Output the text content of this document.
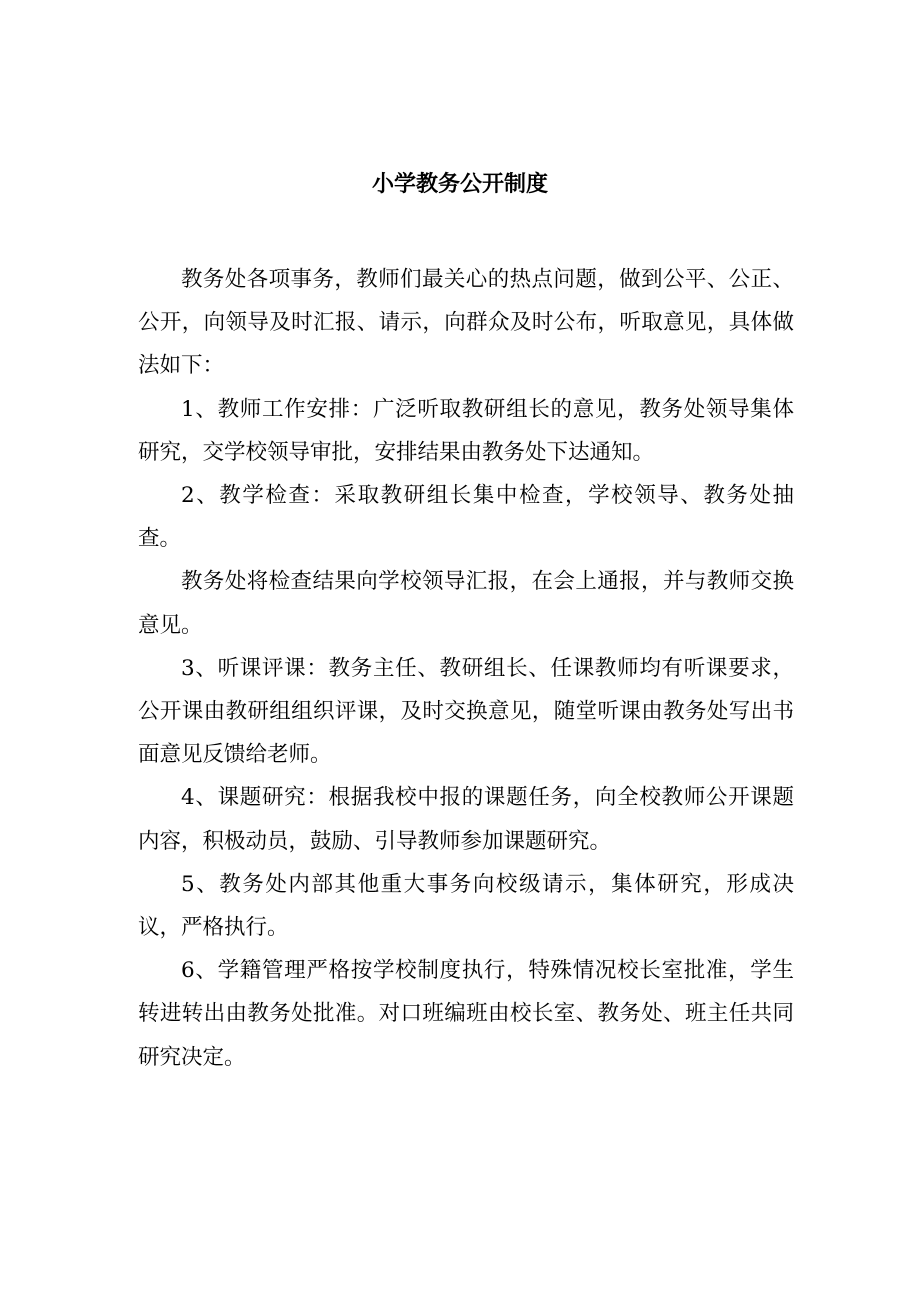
小学教务公开制度

教务处各项事务，教师们最关心的热点问题，做到公平、公正、公开，向领导及时汇报、请示，向群众及时公布，听取意见，具体做法如下：

1、教师工作安排：广泛听取教研组长的意见，教务处领导集体研究，交学校领导审批，安排结果由教务处下达通知。

2、教学检查：采取教研组长集中检查，学校领导、教务处抽查。

教务处将检查结果向学校领导汇报，在会上通报，并与教师交换意见。

3、听课评课：教务主任、教研组长、任课教师均有听课要求，公开课由教研组组织评课，及时交换意见，随堂听课由教务处写出书面意见反馈给老师。

4、课题研究：根据我校中报的课题任务，向全校教师公开课题内容，积极动员，鼓励、引导教师参加课题研究。

5、教务处内部其他重大事务向校级请示，集体研究，形成决议，严格执行。

6、学籍管理严格按学校制度执行，特殊情况校长室批准，学生转进转出由教务处批准。对口班编班由校长室、教务处、班主任共同研究决定。
